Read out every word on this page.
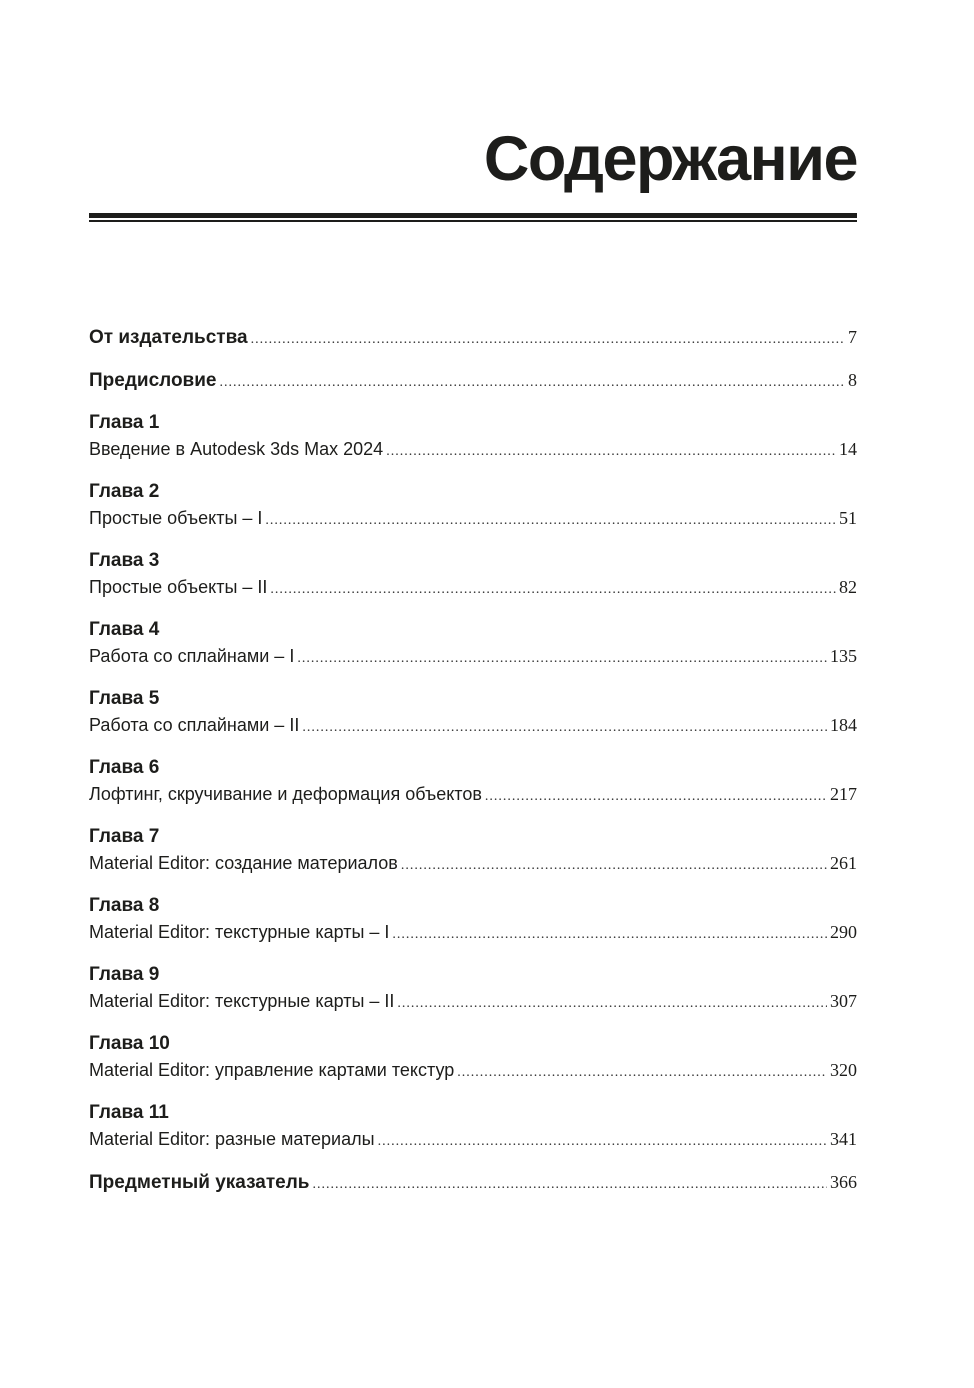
Содержание
От издательства .....	7
Предисловие .....	8
Глава 1
Введение в Autodesk 3ds Max 2024 .....	14
Глава 2
Простые объекты – I .....	51
Глава 3
Простые объекты – II .....	82
Глава 4
Работа со сплайнами – I .....	135
Глава 5
Работа со сплайнами – II .....	184
Глава 6
Лофтинг, скручивание и деформация объектов .....	217
Глава 7
Material Editor: создание материалов .....	261
Глава 8
Material Editor: текстурные карты – I .....	290
Глава 9
Material Editor: текстурные карты – II .....	307
Глава 10
Material Editor: управление картами текстур .....	320
Глава 11
Material Editor: разные материалы .....	341
Предметный указатель .....	366
